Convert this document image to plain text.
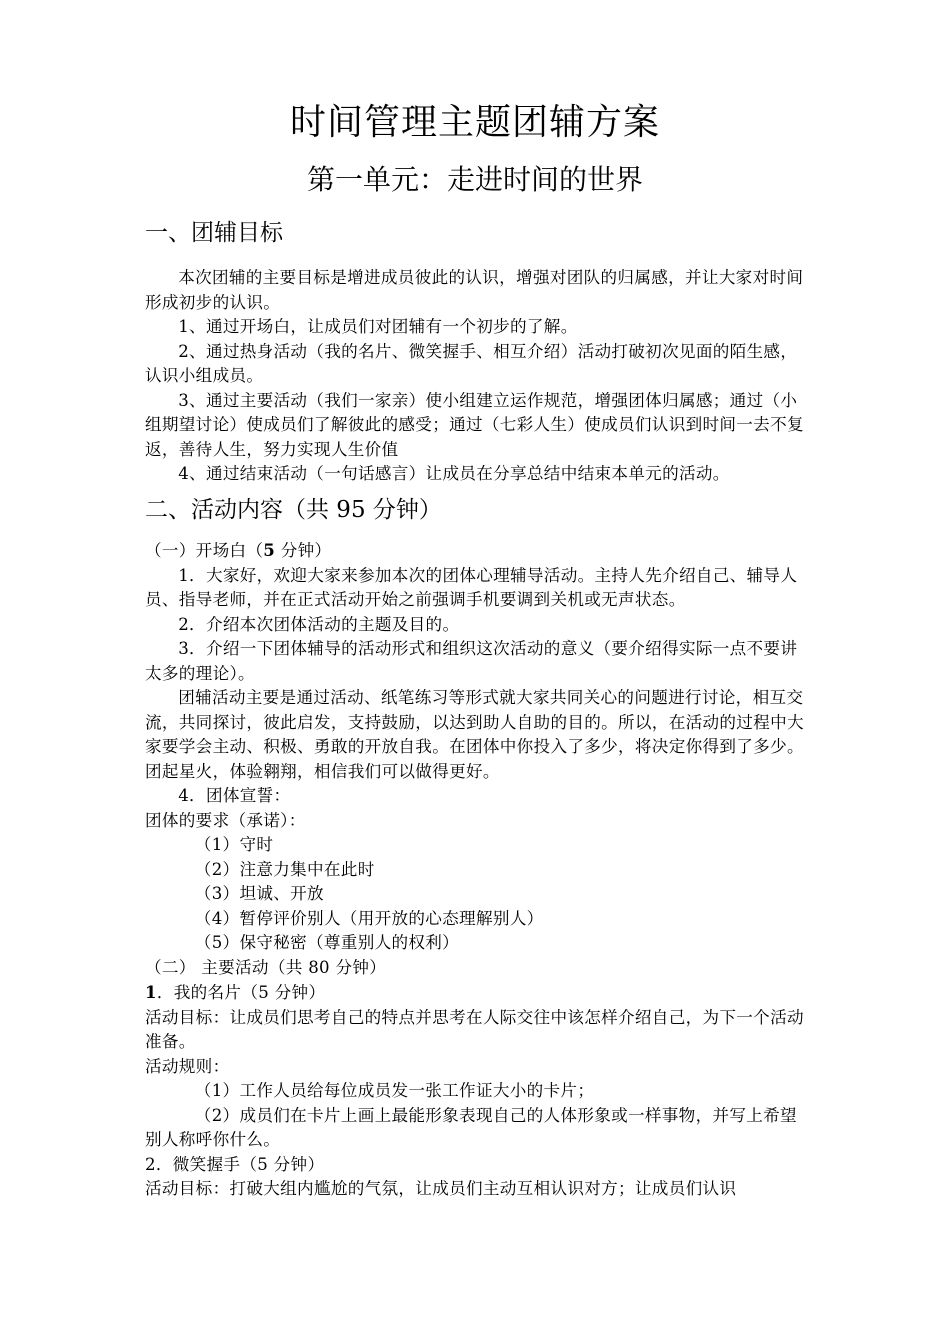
时间管理主题团辅方案
第一单元：走进时间的世界
一、团辅目标

本次团辅的主要目标是增进成员彼此的认识，增强对团队的归属感，并让大家对时间形成初步的认识。

1、通过开场白，让成员们对团辅有一个初步的了解。

2、通过热身活动（我的名片、微笑握手、相互介绍）活动打破初次见面的陌生感，认识小组成员。

3、通过主要活动（我们一家亲）使小组建立运作规范，增强团体归属感；通过（小组期望讨论）使成员们了解彼此的感受；通过（七彩人生）使成员们认识到时间一去不复返，善待人生，努力实现人生价值

4、通过结束活动（一句话感言）让成员在分享总结中结束本单元的活动。

二、活动内容（共 95 分钟）

（一）开场白（5 分钟）

1．大家好，欢迎大家来参加本次的团体心理辅导活动。主持人先介绍自己、辅导人员、指导老师，并在正式活动开始之前强调手机要调到关机或无声状态。

2．介绍本次团体活动的主题及目的。

3．介绍一下团体辅导的活动形式和组织这次活动的意义（要介绍得实际一点不要讲太多的理论）。

团辅活动主要是通过活动、纸笔练习等形式就大家共同关心的问题进行讨论，相互交流，共同探讨，彼此启发，支持鼓励，以达到助人自助的目的。所以，在活动的过程中大家要学会主动、积极、勇敢的开放自我。在团体中你投入了多少，将决定你得到了多少。团起星火，体验翱翔，相信我们可以做得更好。

4．团体宣誓：

团体的要求（承诺）：

（1）守时

（2）注意力集中在此时

（3）坦诚、开放

（4）暂停评价别人（用开放的心态理解别人）

（5）保守秘密（尊重别人的权利）

（二） 主要活动（共 80 分钟）

1．我的名片（5 分钟）

活动目标：让成员们思考自己的特点并思考在人际交往中该怎样介绍自己，为下一个活动准备。

活动规则：

（1）工作人员给每位成员发一张工作证大小的卡片；

（2）成员们在卡片上画上最能形象表现自己的人体形象或一样事物，并写上希望别人称呼你什么。

2．微笑握手（5 分钟）

活动目标：打破大组内尴尬的气氛，让成员们主动互相认识对方；让成员们认识
